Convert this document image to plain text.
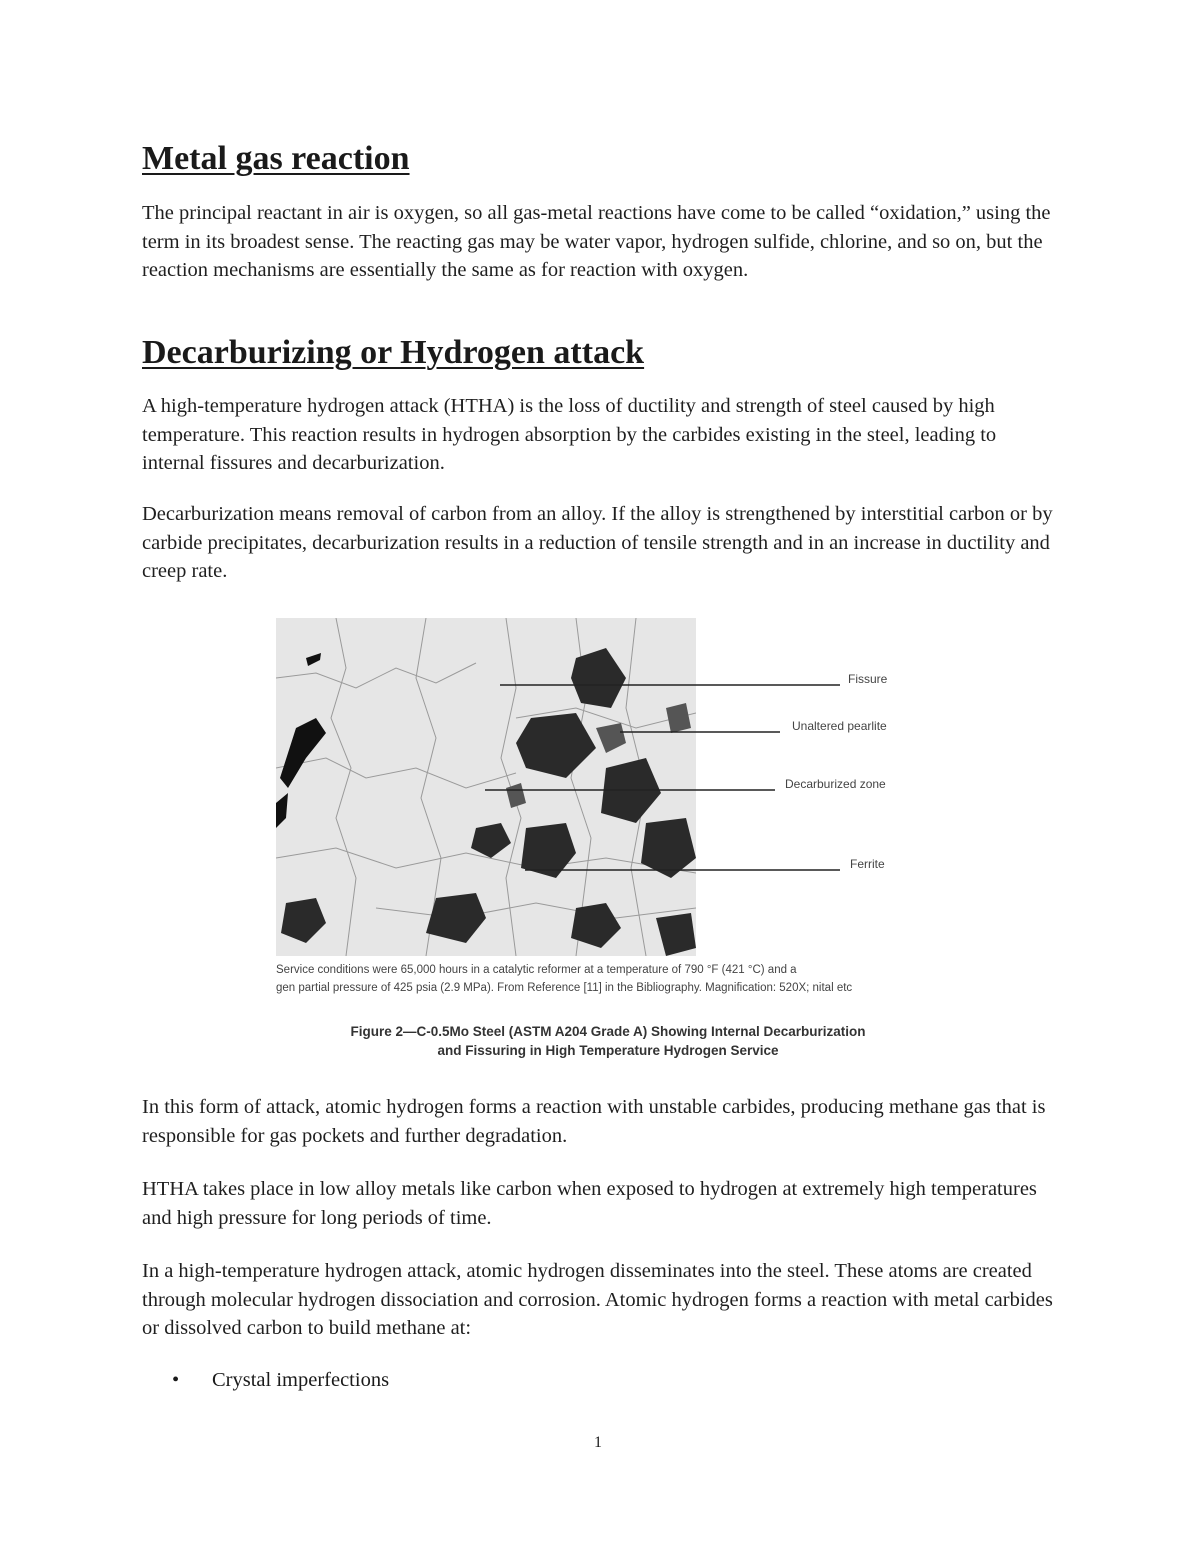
Metal gas reaction

The principal reactant in air is oxygen, so all gas-metal reactions have come to be called “oxidation,” using the term in its broadest sense. The reacting gas may be water vapor, hydrogen sulfide, chlorine, and so on, but the reaction mechanisms are essentially the same as for reaction with oxygen.

Decarburizing or Hydrogen attack

A high-temperature hydrogen attack (HTHA) is the loss of ductility and strength of steel caused by high temperature. This reaction results in hydrogen absorption by the carbides existing in the steel, leading to internal fissures and decarburization.

Decarburization means removal of carbon from an alloy. If the alloy is strengthened by interstitial carbon or by carbide precipitates, decarburization results in a reduction of tensile strength and in an increase in ductility and creep rate.

Fissure
Unaltered pearlite
Decarburized zone
Ferrite
Service conditions were 65,000 hours in a catalytic reformer at a temperature of 790 °F (421 °C) and a
gen partial pressure of 425 psia (2.9 MPa). From Reference [11] in the Bibliography. Magnification: 520X; nital etc
Figure 2—C-0.5Mo Steel (ASTM A204 Grade A) Showing Internal Decarburization
and Fissuring in High Temperature Hydrogen Service

In this form of attack, atomic hydrogen forms a reaction with unstable carbides, producing methane gas that is responsible for gas pockets and further degradation.

HTHA takes place in low alloy metals like carbon when exposed to hydrogen at extremely high temperatures and high pressure for long periods of time.

In a high-temperature hydrogen attack, atomic hydrogen disseminates into the steel. These atoms are created through molecular hydrogen dissociation and corrosion. Atomic hydrogen forms a reaction with metal carbides or dissolved carbon to build methane at:

• Crystal imperfections
1
